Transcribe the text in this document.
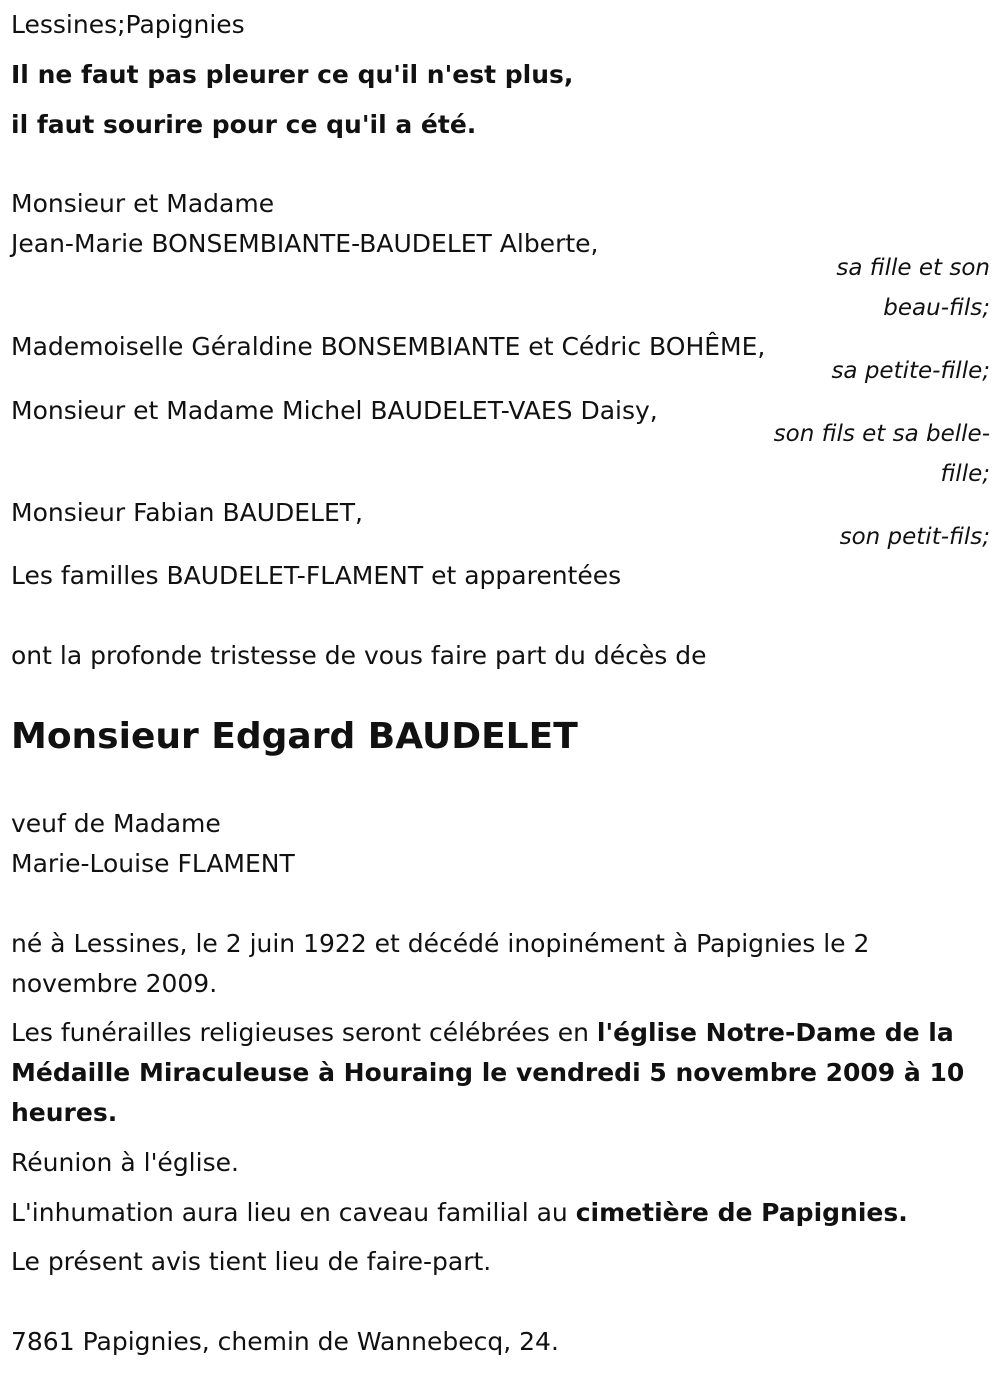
Lessines;Papignies
Il ne faut pas pleurer ce qu'il n'est plus,
il faut sourire pour ce qu'il a été.
Monsieur et Madame
Jean-Marie BONSEMBIANTE-BAUDELET Alberte,
sa fille et son
beau-fils;
Mademoiselle Géraldine BONSEMBIANTE et Cédric BOHÊME,
sa petite-fille;
Monsieur et Madame Michel BAUDELET-VAES Daisy,
son fils et sa belle-
fille;
Monsieur Fabian BAUDELET,
son petit-fils;
Les familles BAUDELET-FLAMENT et apparentées
ont la profonde tristesse de vous faire part du décès de
Monsieur Edgard BAUDELET
veuf de Madame
Marie-Louise FLAMENT
né à Lessines, le 2 juin 1922 et décédé inopinément à Papignies le 2 novembre 2009.
Les funérailles religieuses seront célébrées en l'église Notre-Dame de la Médaille Miraculeuse à Houraing le vendredi 5 novembre 2009 à 10 heures.
Réunion à l'église.
L'inhumation aura lieu en caveau familial au cimetière de Papignies.
Le présent avis tient lieu de faire-part.
7861 Papignies, chemin de Wannebecq, 24.
